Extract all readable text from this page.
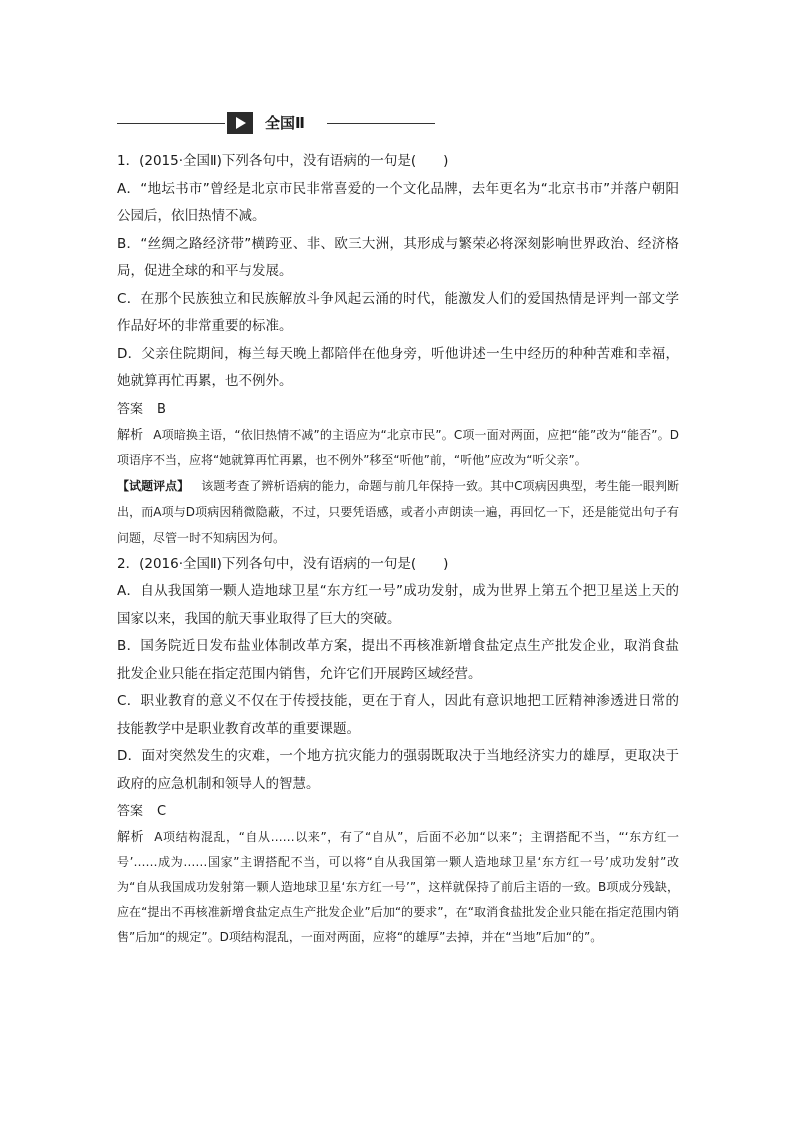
全国Ⅱ

1．(2015·全国Ⅱ)下列各句中，没有语病的一句是(　　)

A．“地坛书市”曾经是北京市民非常喜爱的一个文化品牌，去年更名为“北京书市”并落户朝阳公园后，依旧热情不减。

B．“丝绸之路经济带”横跨亚、非、欧三大洲，其形成与繁荣必将深刻影响世界政治、经济格局，促进全球的和平与发展。

C．在那个民族独立和民族解放斗争风起云涌的时代，能激发人们的爱国热情是评判一部文学作品好坏的非常重要的标准。

D．父亲住院期间，梅兰每天晚上都陪伴在他身旁，听他讲述一生中经历的种种苦难和幸福，她就算再忙再累，也不例外。

答案 B

解析 A项暗换主语，“依旧热情不减”的主语应为“北京市民”。C项一面对两面，应把“能”改为“能否”。D项语序不当，应将“她就算再忙再累，也不例外”移至“听他”前，“听他”应改为“听父亲”。

【试题评点】 该题考查了辨析语病的能力，命题与前几年保持一致。其中C项病因典型，考生能一眼判断出，而A项与D项病因稍微隐蔽，不过，只要凭语感，或者小声朗读一遍，再回忆一下，还是能觉出句子有问题，尽管一时不知病因为何。

2．(2016·全国Ⅱ)下列各句中，没有语病的一句是(　　)

A．自从我国第一颗人造地球卫星“东方红一号”成功发射，成为世界上第五个把卫星送上天的国家以来，我国的航天事业取得了巨大的突破。

B．国务院近日发布盐业体制改革方案，提出不再核准新增食盐定点生产批发企业，取消食盐批发企业只能在指定范围内销售，允许它们开展跨区域经营。

C．职业教育的意义不仅在于传授技能，更在于育人，因此有意识地把工匠精神渗透进日常的技能教学中是职业教育改革的重要课题。

D．面对突然发生的灾难，一个地方抗灾能力的强弱既取决于当地经济实力的雄厚，更取决于政府的应急机制和领导人的智慧。

答案 C

解析 A项结构混乱，“自从……以来”，有了“自从”，后面不必加“以来”；主谓搭配不当，“‘东方红一号’……成为……国家”主谓搭配不当，可以将“自从我国第一颗人造地球卫星‘东方红一号’成功发射”改为“自从我国成功发射第一颗人造地球卫星‘东方红一号’”，这样就保持了前后主语的一致。B项成分残缺，应在“提出不再核准新增食盐定点生产批发企业”后加“的要求”，在“取消食盐批发企业只能在指定范围内销售”后加“的规定”。D项结构混乱，一面对两面，应将“的雄厚”去掉，并在“当地”后加“的”。
